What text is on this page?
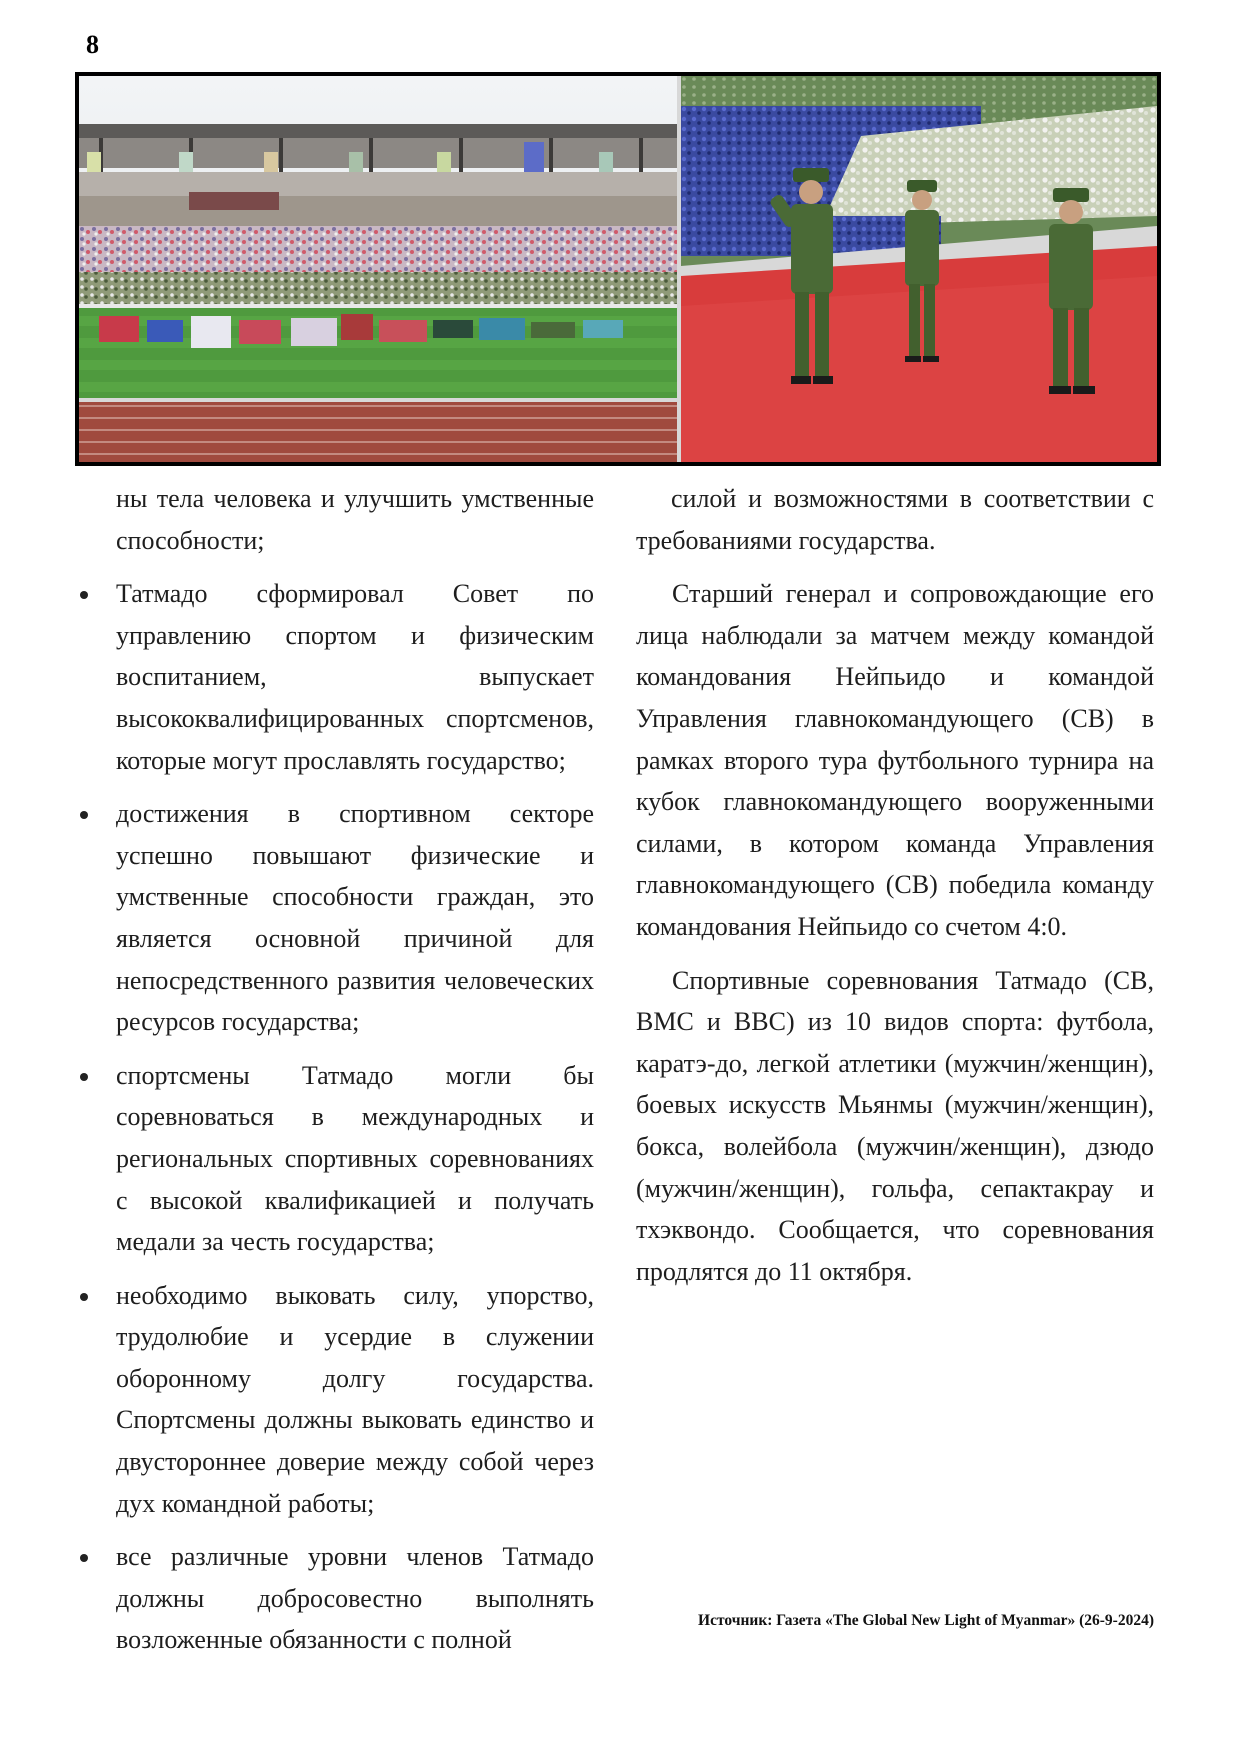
8

ны тела человека и улучшить умственные способности;

Татмадо сформировал Совет по управлению спортом и физическим воспитанием, выпускает высококвалифицированных спортсменов, которые могут прославлять государство;
достижения в спортивном секторе успешно повышают физические и умственные способности граждан, это является основной причиной для непосредственного развития человеческих ресурсов государства;
спортсмены Татмадо могли бы соревноваться в международных и региональных спортивных соревнованиях с высокой квалификацией и получать медали за честь государства;
необходимо выковать силу, упорство, трудолюбие и усердие в служении оборонному долгу государства. Спортсмены должны выковать единство и двустороннее доверие между собой через дух командной работы;
все различные уровни членов Татмадо должны добросовестно выполнять возложенные обязанности с полной

силой и возможностями в соответствии с требованиями государства.

Старший генерал и сопровождающие его лица наблюдали за матчем между командой командования Нейпьидо и командой Управления главнокомандующего (СВ) в рамках второго тура футбольного турнира на кубок главнокомандующего вооруженными силами, в котором команда Управления главнокомандующего (СВ) победила команду командования Нейпьидо со счетом 4:0.

Спортивные соревнования Татмадо (СВ, ВМС и ВВС) из 10 видов спорта: футбола, каратэ-до, легкой атлетики (мужчин/женщин), боевых искусств Мьянмы (мужчин/женщин), бокса, волейбола (мужчин/женщин), дзюдо (мужчин/женщин), гольфа, сепактакрау и тхэквондо. Сообщается, что соревнования продлятся до 11 октября.

Источник: Газета «The Global New Light of Myanmar» (26-9-2024)
